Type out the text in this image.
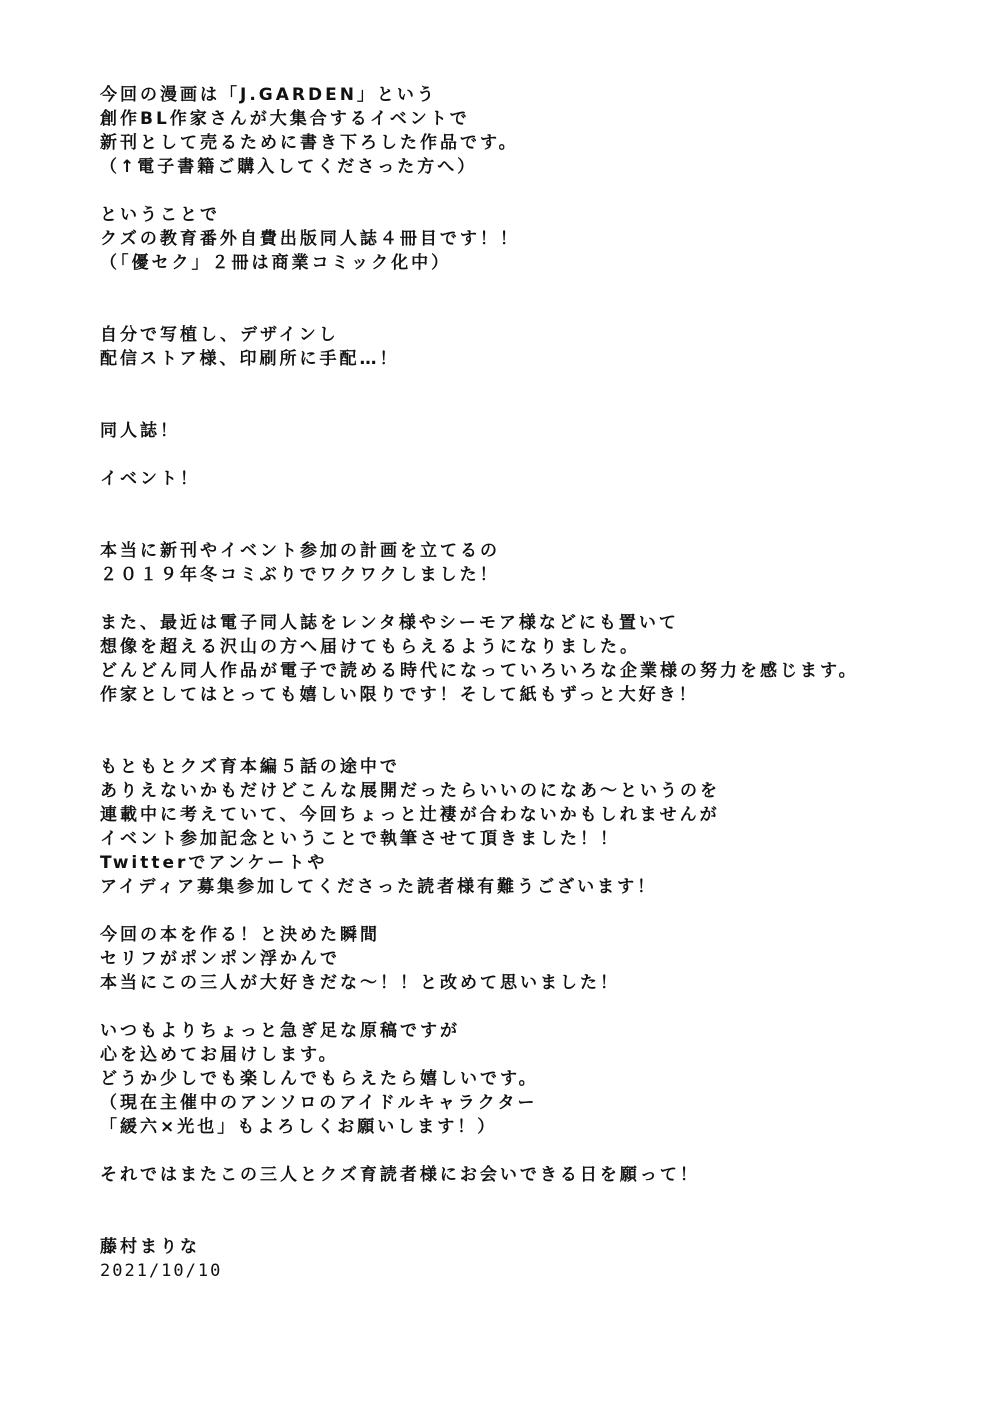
今回の漫画は「J.GARDEN」という
創作BL作家さんが大集合するイベントで
新刊として売るために書き下ろした作品です。
（↑電子書籍ご購入してくださった方へ）
ということで
クズの教育番外自費出版同人誌４冊目です！！
（「優セク」２冊は商業コミック化中）
自分で写植し、デザインし
配信ストア様、印刷所に手配…！
同人誌！
イベント！
本当に新刊やイベント参加の計画を立てるの
２０１９年冬コミぶりでワクワクしました！
また、最近は電子同人誌をレンタ様やシーモア様などにも置いて
想像を超える沢山の方へ届けてもらえるようになりました。
どんどん同人作品が電子で読める時代になっていろいろな企業様の努力を感じます。
作家としてはとっても嬉しい限りです！そして紙もずっと大好き！
もともとクズ育本編５話の途中で
ありえないかもだけどこんな展開だったらいいのになあ〜というのを
連載中に考えていて、今回ちょっと辻褄が合わないかもしれませんが
イベント参加記念ということで執筆させて頂きました！！
Twitterでアンケートや
アイディア募集参加してくださった読者様有難うございます！
今回の本を作る！と決めた瞬間
セリフがポンポン浮かんで
本当にこの三人が大好きだな〜！！と改めて思いました！
いつもよりちょっと急ぎ足な原稿ですが
心を込めてお届けします。
どうか少しでも楽しんでもらえたら嬉しいです。
（現在主催中のアンソロのアイドルキャラクター
「緩六×光也」もよろしくお願いします！）
それではまたこの三人とクズ育読者様にお会いできる日を願って！
藤村まりな
2021/10/10
